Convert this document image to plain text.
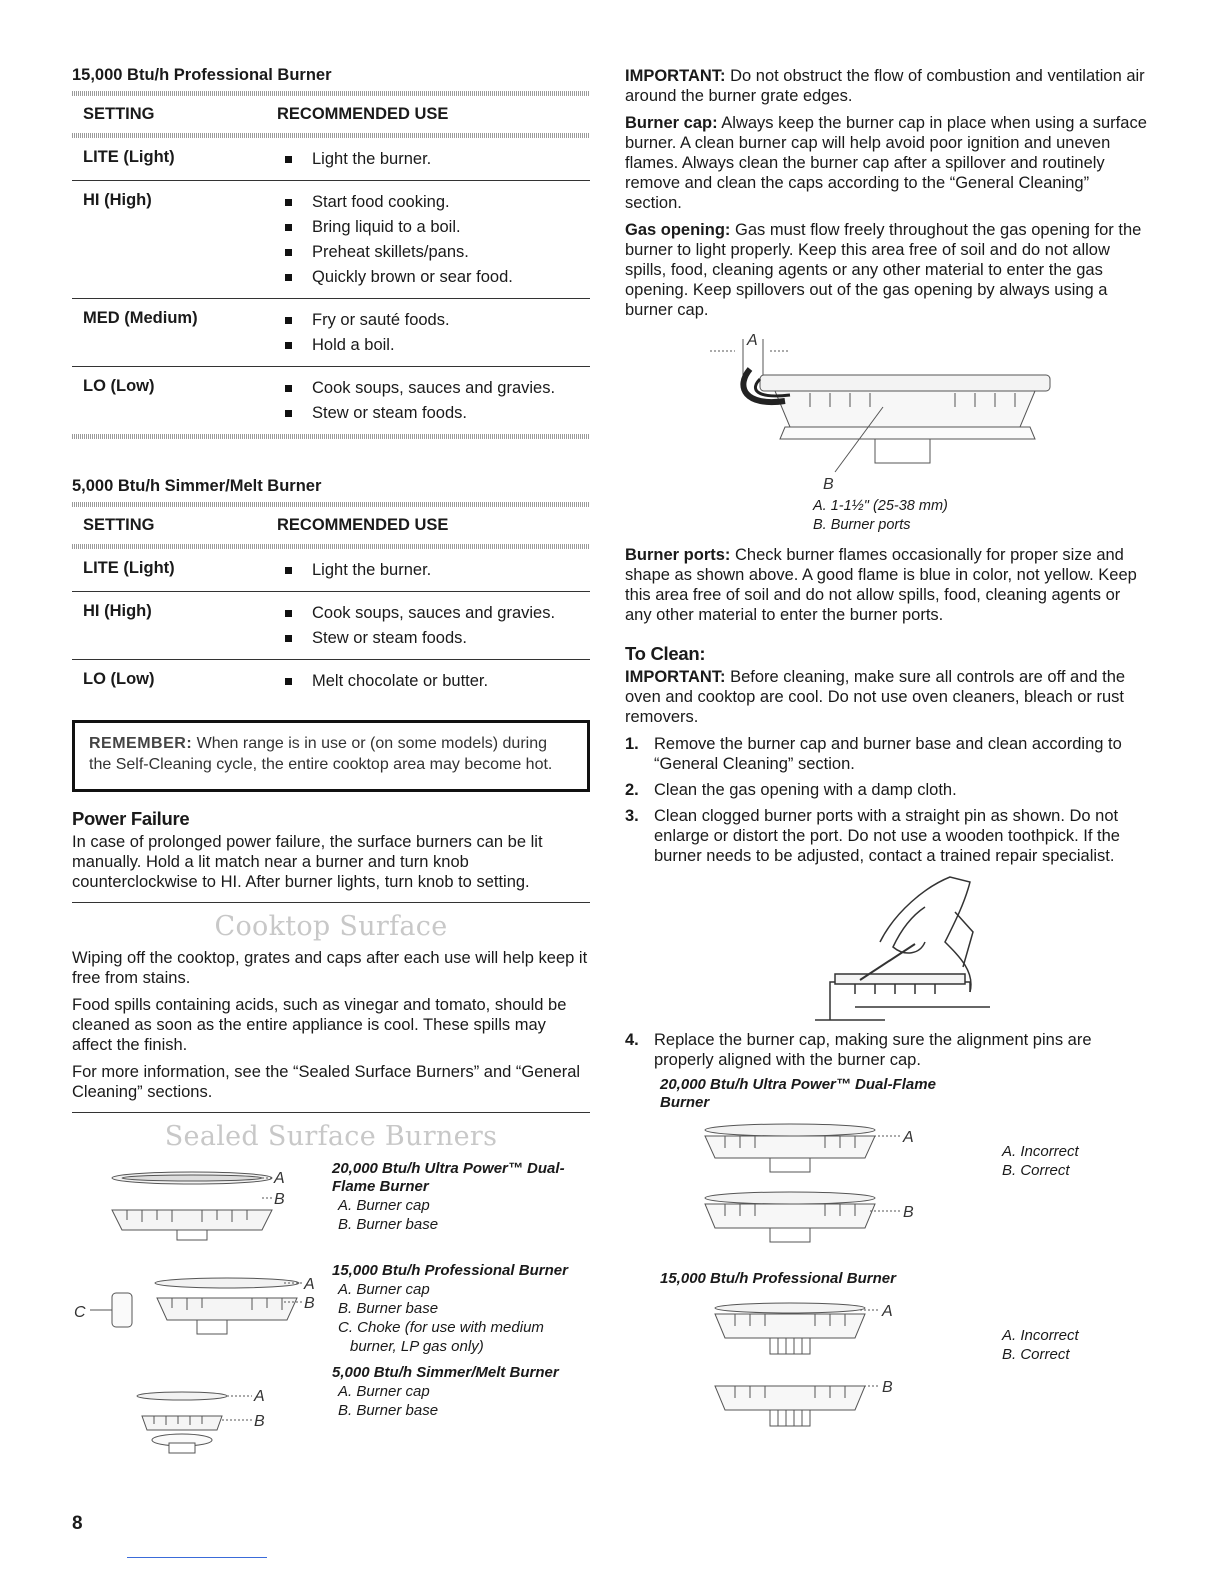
15,000 Btu/h Professional Burner
SETTING	RECOMMENDED USE
LITE (Light)	Light the burner.
HI (High)	Start food cooking.
Bring liquid to a boil.
Preheat skillets/pans.
Quickly brown or sear food.
MED (Medium)	Fry or sauté foods.
Hold a boil.
LO (Low)	Cook soups, sauces and gravies.
Stew or steam foods.
5,000 Btu/h Simmer/Melt Burner
SETTING	RECOMMENDED USE
LITE (Light)	Light the burner.
HI (High)	Cook soups, sauces and gravies.
Stew or steam foods.
LO (Low)	Melt chocolate or butter.
REMEMBER: When range is in use or (on some models) during the Self-Cleaning cycle, the entire cooktop area may become hot.
Power Failure

In case of prolonged power failure, the surface burners can be lit manually. Hold a lit match near a burner and turn knob counterclockwise to HI. After burner lights, turn knob to setting.

Cooktop Surface

Wiping off the cooktop, grates and caps after each use will help keep it free from stains.

Food spills containing acids, such as vinegar and tomato, should be cleaned as soon as the entire appliance is cool. These spills may affect the finish.

For more information, see the “Sealed Surface Burners” and “General Cleaning” sections.

Sealed Surface Burners
A
B
A
B
C
A
B
20,000 Btu/h Ultra Power™ Dual-Flame Burner
A. Burner cap
B. Burner base
15,000 Btu/h Professional Burner
A. Burner cap
B. Burner base
C. Choke (for use with medium burner, LP gas only)
5,000 Btu/h Simmer/Melt Burner
A. Burner cap
B. Burner base

IMPORTANT: Do not obstruct the flow of combustion and ventilation air around the burner grate edges.

Burner cap: Always keep the burner cap in place when using a surface burner. A clean burner cap will help avoid poor ignition and uneven flames. Always clean the burner cap after a spillover and routinely remove and clean the caps according to the “General Cleaning” section.

Gas opening: Gas must flow freely throughout the gas opening for the burner to light properly. Keep this area free of soil and do not allow spills, food, cleaning agents or any other material to enter the gas opening. Keep spillovers out of the gas opening by always using a burner cap.

A
B
A. 1-1½" (25-38 mm)
B. Burner ports

Burner ports: Check burner flames occasionally for proper size and shape as shown above. A good flame is blue in color, not yellow. Keep this area free of soil and do not allow spills, food, cleaning agents or any other material to enter the burner ports.

To Clean:

IMPORTANT: Before cleaning, make sure all controls are off and the oven and cooktop are cool. Do not use oven cleaners, bleach or rust removers.

1. Remove the burner cap and burner base and clean according to “General Cleaning” section.
2. Clean the gas opening with a damp cloth.
3. Clean clogged burner ports with a straight pin as shown. Do not enlarge or distort the port. Do not use a wooden toothpick. If the burner needs to be adjusted, contact a trained repair specialist.
4. Replace the burner cap, making sure the alignment pins are properly aligned with the burner cap.
20,000 Btu/h Ultra Power™ Dual-Flame Burner
A
B
A. Incorrect
B. Correct
15,000 Btu/h Professional Burner
A
B
A. Incorrect
B. Correct
8
